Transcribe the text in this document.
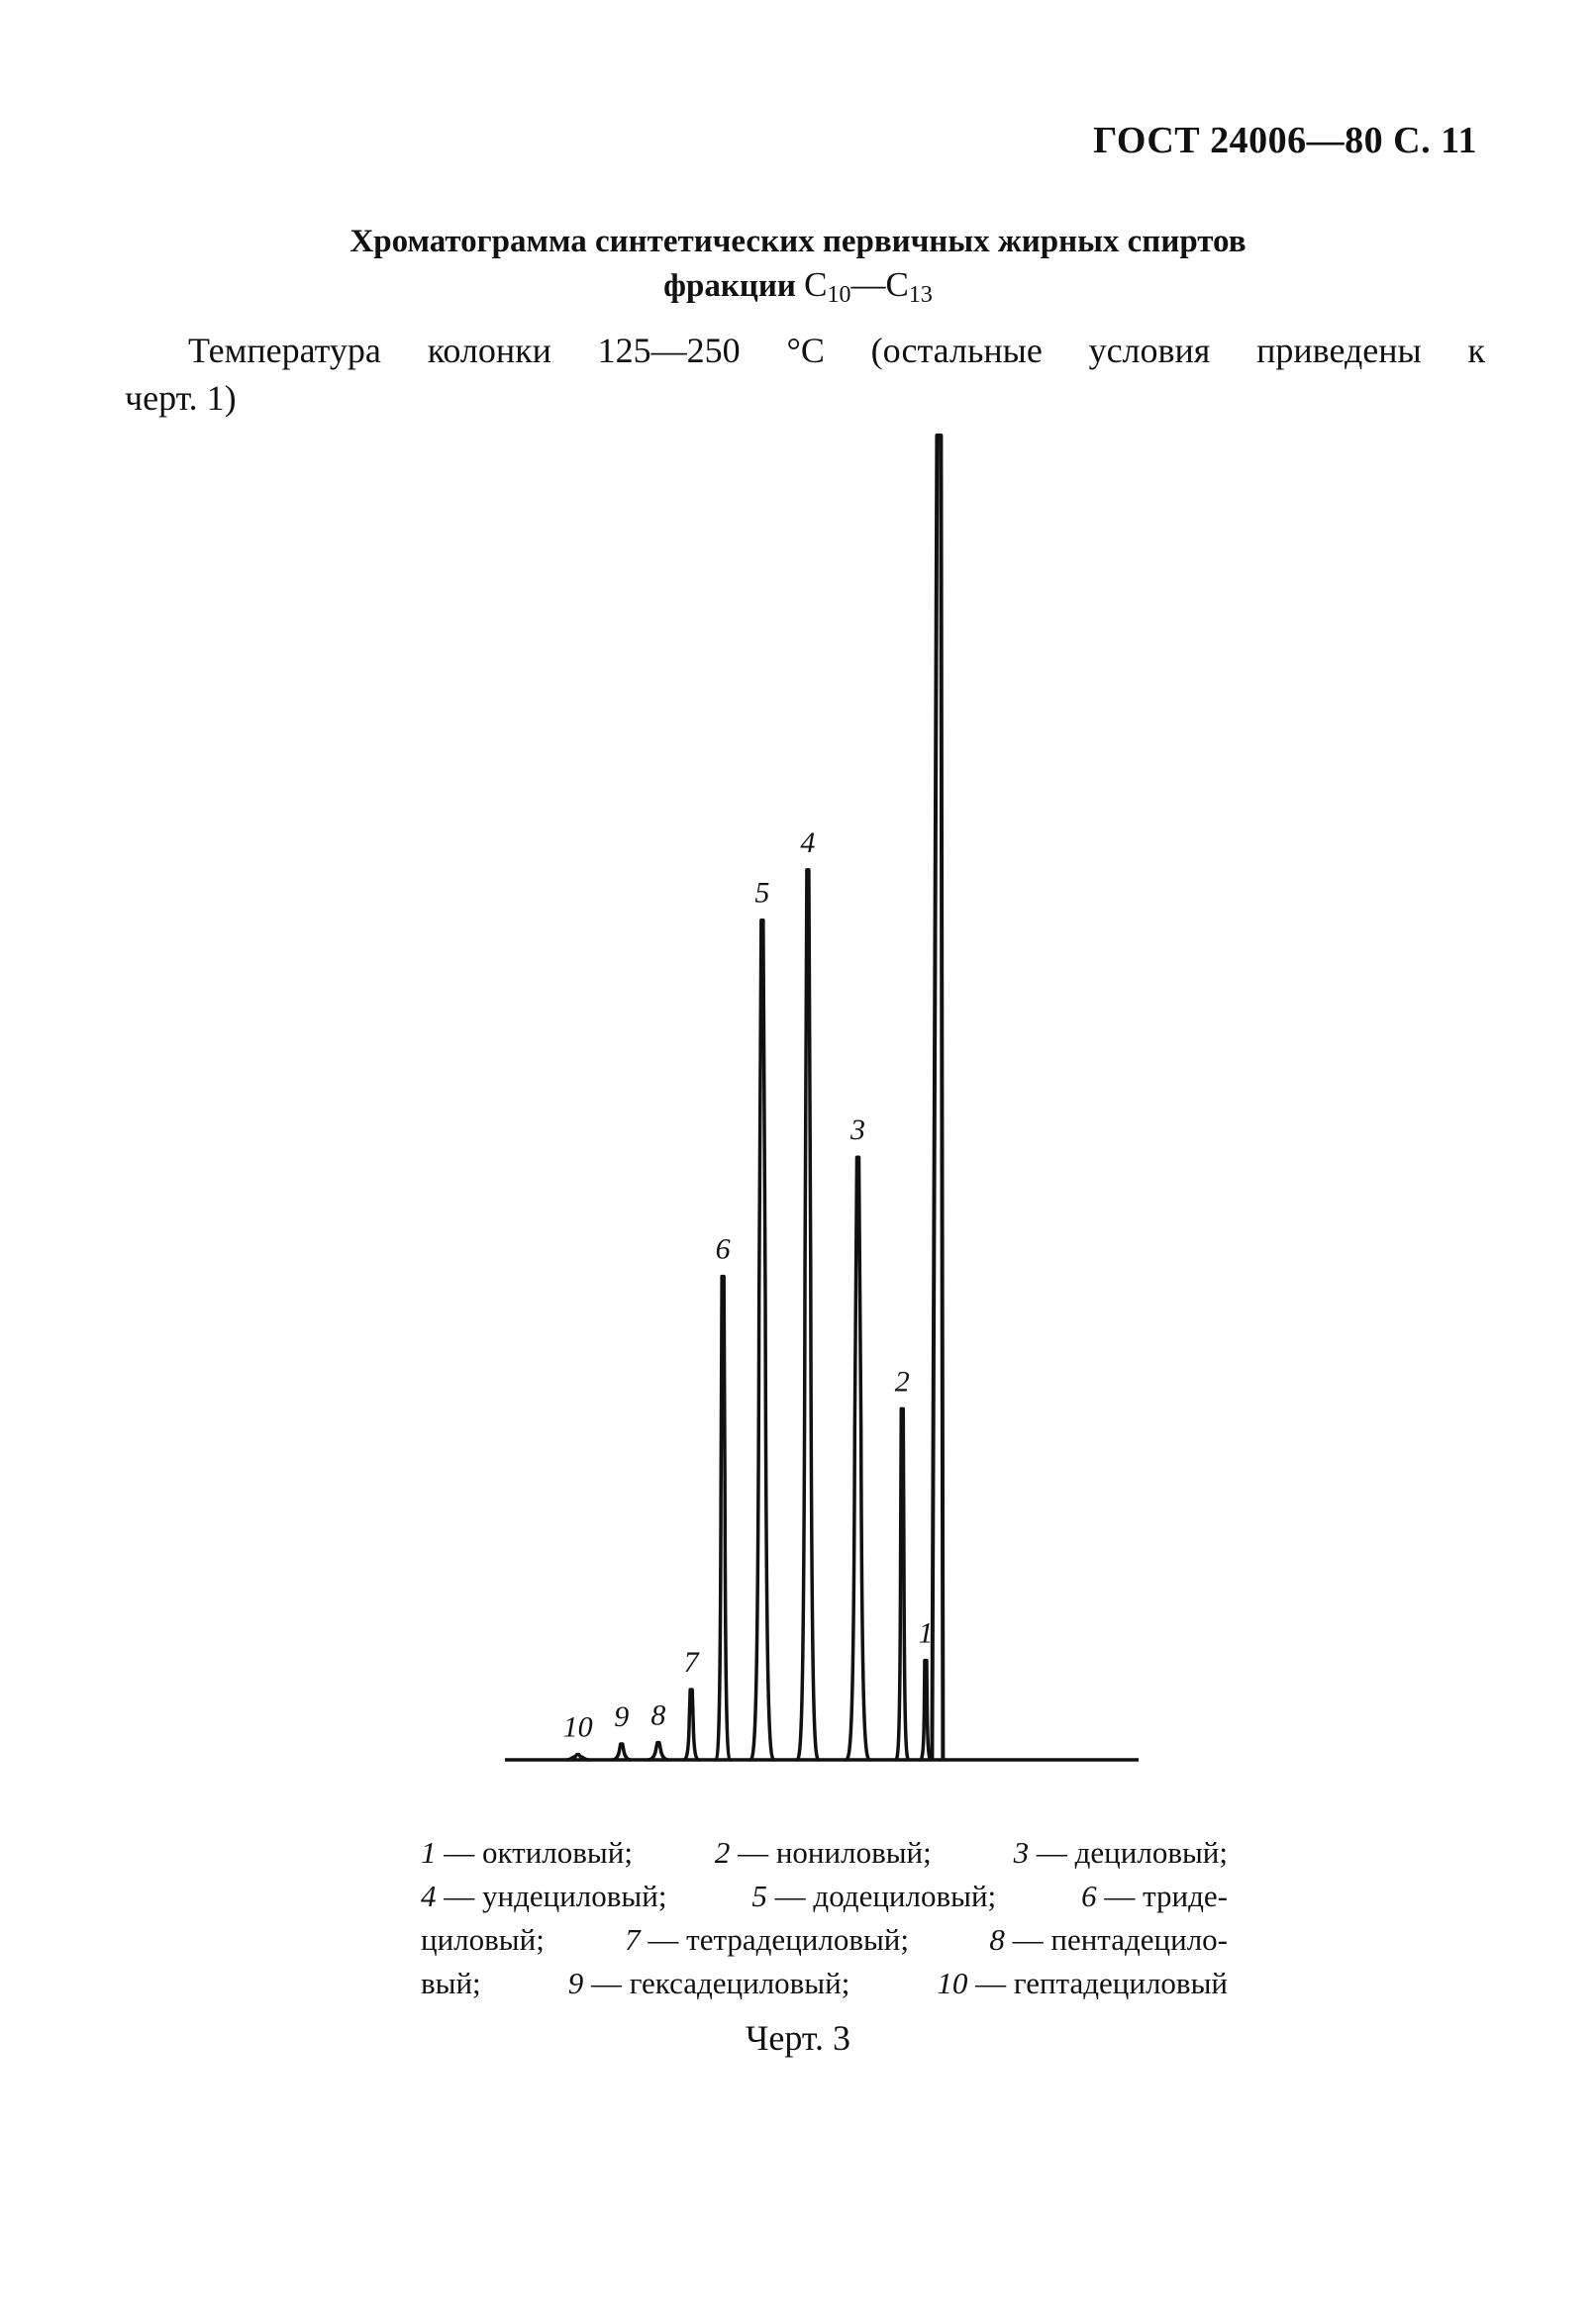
ГОСТ 24006—80 С. 11
Хроматограмма синтетических первичных жирных спиртов
фракции С10—С13
Температура колонки 125—250 °С (остальные условия приведены к
черт. 1)
1
2
3
4
5
6
7
8
9
10
1 — октиловый;	2 — нониловый;	3 — дециловый;
4 — ундециловый;	5 — додециловый;	6 — триде-
циловый;	7 — тетрадециловый;	8 — пентадецило-
вый;	9 — гексадециловый;	10 — гептадециловый
Черт. 3
